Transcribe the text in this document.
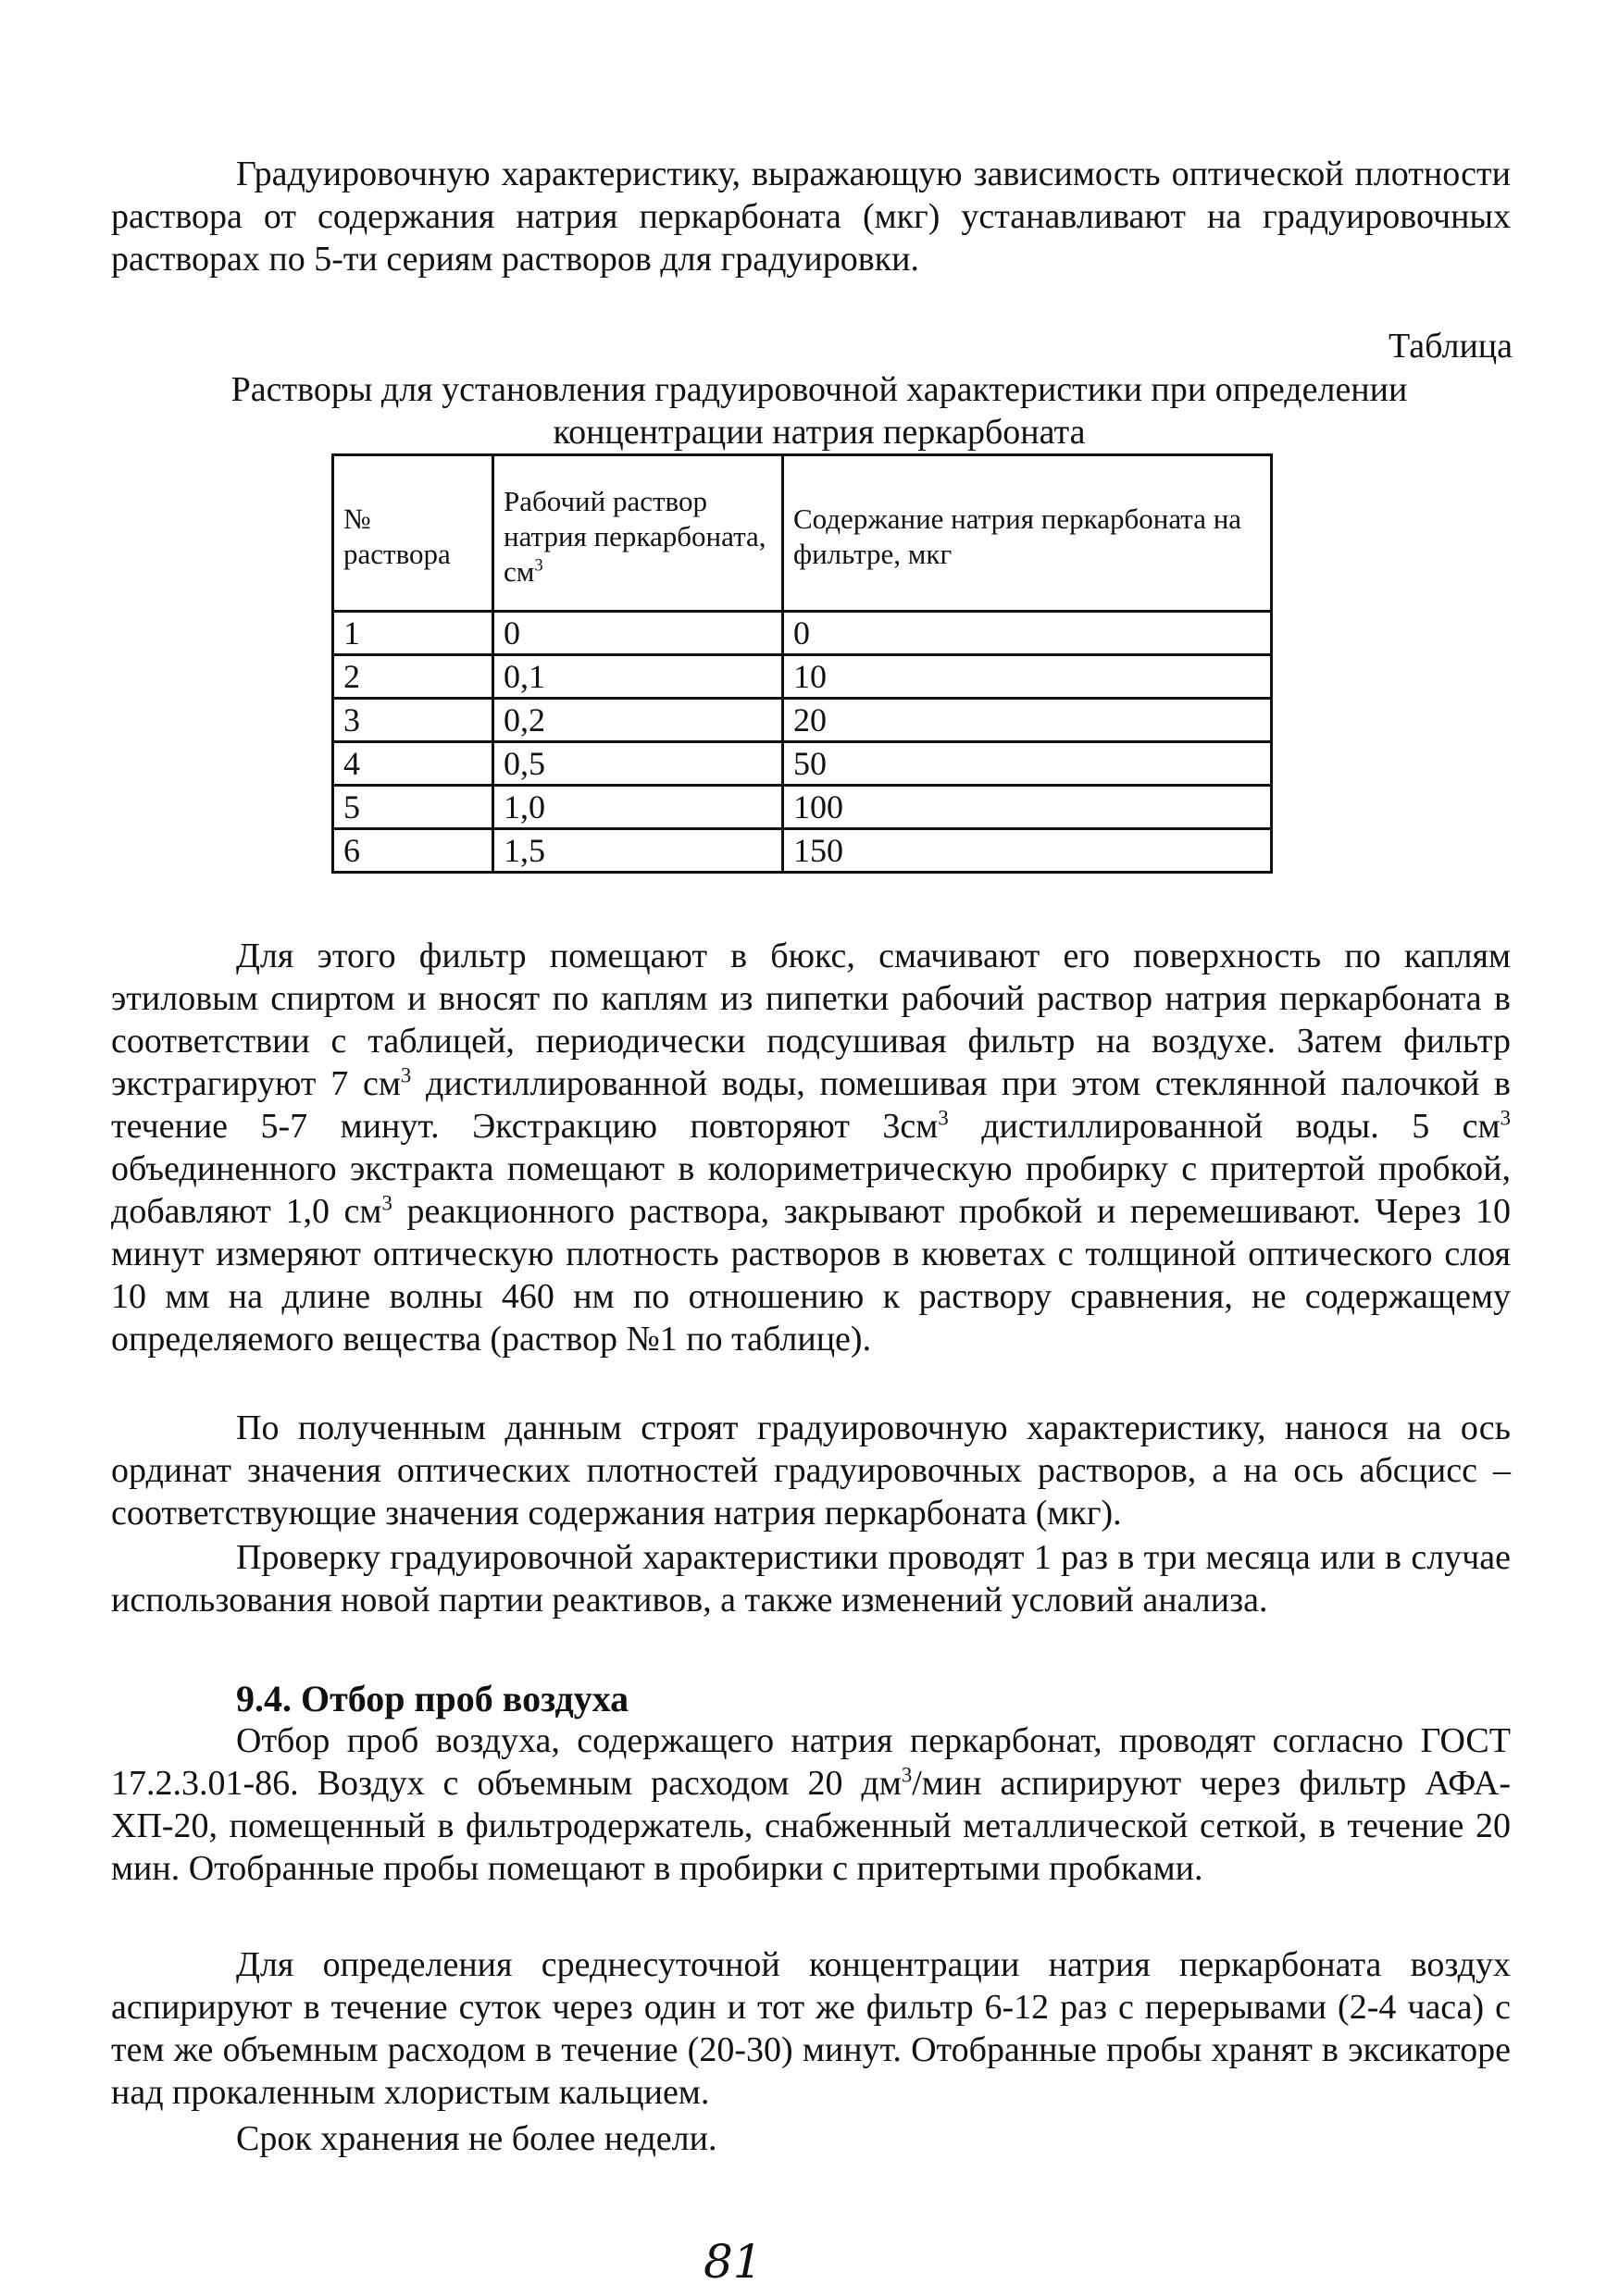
Градуировочную характеристику, выражающую зависимость оптической плотности раствора от содержания натрия перкарбоната (мкг) устанавливают на градуировочных растворах по 5-ти сериям растворов для градуировки.

Таблица

Растворы для установления градуировочной характеристики при определении концентрации натрия перкарбоната

№ раствора	Рабочий раствор натрия перкарбоната, $см^3$	Содержание натрия перкарбоната на фильтре, мкг
1	0	0
2	0,1	10
3	0,2	20
4	0,5	50
5	1,0	100
6	1,5	150

Для этого фильтр помещают в бюкс, смачивают его поверхность по каплям этиловым спиртом и вносят по каплям из пипетки рабочий раствор натрия перкарбоната в соответствии с таблицей, периодически подсушивая фильтр на воздухе. Затем фильтр экстрагируют 7 $см^3$ дистиллированной воды, помешивая при этом стеклянной палочкой в течение 5-7 минут. Экстракцию повторяют $3см^3$ дистиллированной воды. 5 $см^3$ объединенного экстракта помещают в колориметрическую пробирку с притертой пробкой, добавляют 1,0 $см^3$ реакционного раствора, закрывают пробкой и перемешивают. Через 10 минут измеряют оптическую плотность растворов в кюветах с толщиной оптического слоя 10 мм на длине волны 460 нм по отношению к раствору сравнения, не содержащему определяемого вещества (раствор №1 по таблице).

По полученным данным строят градуировочную характеристику, нанося на ось ординат значения оптических плотностей градуировочных растворов, а на ось абсцисс – соответствующие значения содержания натрия перкарбоната (мкг).

Проверку градуировочной характеристики проводят 1 раз в три месяца или в случае использования новой партии реактивов, а также изменений условий анализа.

9.4. Отбор проб воздуха

Отбор проб воздуха, содержащего натрия перкарбонат, проводят согласно ГОСТ 17.2.3.01-86. Воздух с объемным расходом 20 $дм^3$/мин аспирируют через фильтр АФА-ХП-20, помещенный в фильтродержатель, снабженный металлической сеткой, в течение 20 мин. Отобранные пробы помещают в пробирки с притертыми пробками.

Для определения среднесуточной концентрации натрия перкарбоната воздух аспирируют в течение суток через один и тот же фильтр 6-12 раз с перерывами (2-4 часа) с тем же объемным расходом в течение (20-30) минут. Отобранные пробы хранят в эксикаторе над прокаленным хлористым кальцием.

Срок хранения не более недели.

81
